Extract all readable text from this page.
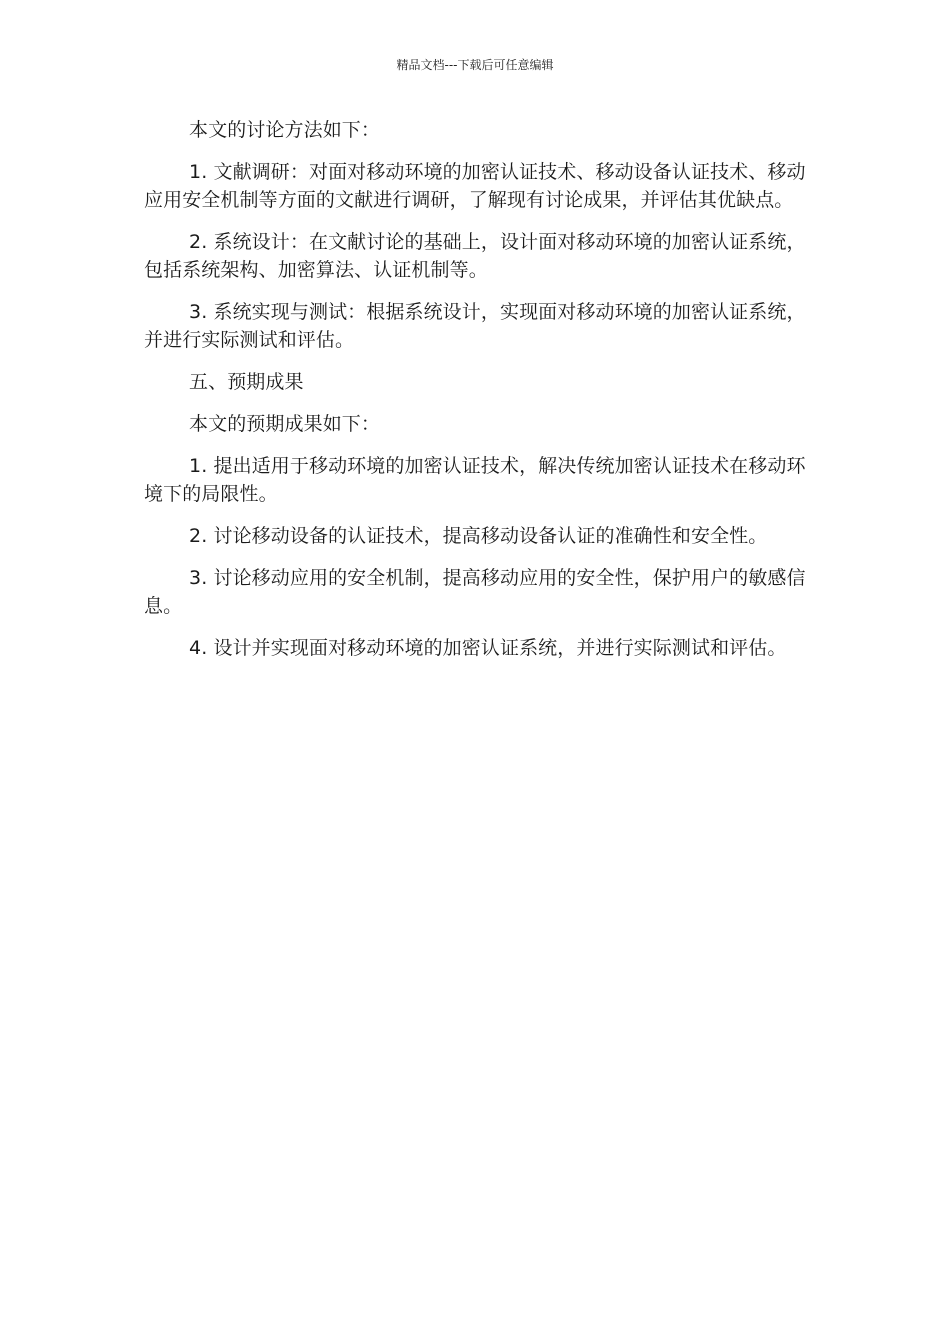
精品文档---下载后可任意编辑

本文的讨论方法如下：

1. 文献调研：对面对移动环境的加密认证技术、移动设备认证技术、移动应用安全机制等方面的文献进行调研，了解现有讨论成果，并评估其优缺点。

2. 系统设计：在文献讨论的基础上，设计面对移动环境的加密认证系统，包括系统架构、加密算法、认证机制等。

3. 系统实现与测试：根据系统设计，实现面对移动环境的加密认证系统，并进行实际测试和评估。

五、预期成果

本文的预期成果如下：

1. 提出适用于移动环境的加密认证技术，解决传统加密认证技术在移动环境下的局限性。

2. 讨论移动设备的认证技术，提高移动设备认证的准确性和安全性。

3. 讨论移动应用的安全机制，提高移动应用的安全性，保护用户的敏感信息。

4. 设计并实现面对移动环境的加密认证系统，并进行实际测试和评估。
